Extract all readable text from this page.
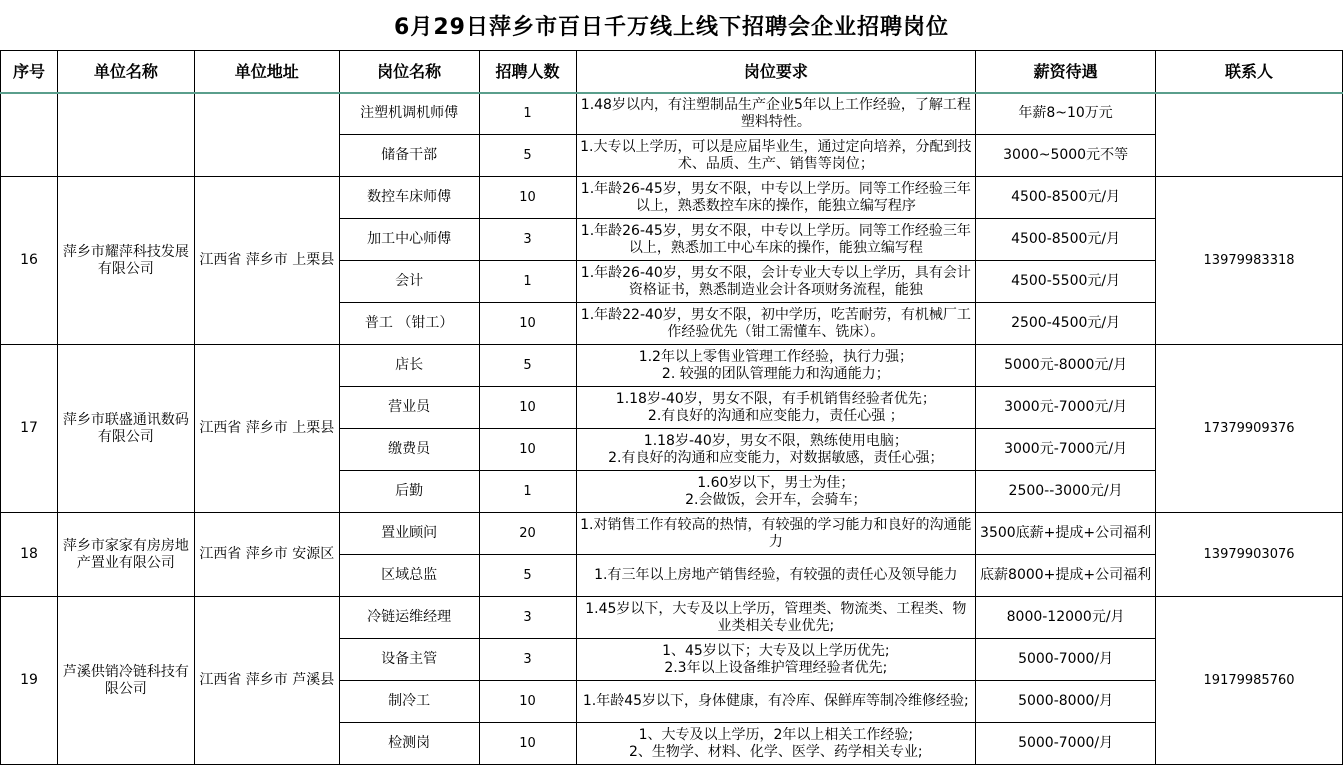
6月29日萍乡市百日千万线上线下招聘会企业招聘岗位
序号	单位名称	单位地址	岗位名称	招聘人数	岗位要求	薪资待遇	联系人
			注塑机调机师傅	1	1.48岁以内，有注塑制品生产企业5年以上工作经验，了解工程塑料特性。	年薪8~10万元	

			储备干部	5	1.大专以上学历，可以是应届毕业生，通过定向培养，分配到技术、品质、生产、销售等岗位；	3000~5000元不等	

16	萍乡市耀萍科技发展有限公司	江西省 萍乡市 上栗县	数控车床师傅	10	1.年龄26-45岁，男女不限，中专以上学历。同等工作经验三年以上，熟悉数控车床的操作，能独立编写程序	4500-8500元/月	13979983318
			加工中心师傅	3	1.年龄26-45岁，男女不限，中专以上学历。同等工作经验三年以上，熟悉加工中心车床的操作，能独立编写程	4500-8500元/月	

			会计	1	1.年龄26-40岁，男女不限，会计专业大专以上学历，具有会计资格证书，熟悉制造业会计各项财务流程，能独	4500-5500元/月	

			普工 （钳工）	10	1.年龄22-40岁，男女不限，初中学历，吃苦耐劳，有机械厂工作经验优先（钳工需懂车、铣床）。	2500-4500元/月	

17	萍乡市联盛通讯数码有限公司	江西省 萍乡市 上栗县	店长	5	1.2年以上零售业管理工作经验，执行力强；
2. 较强的团队管理能力和沟通能力；	5000元-8000元/月	17379909376
			营业员	10	1.18岁-40岁，男女不限，有手机销售经验者优先；
2.有良好的沟通和应变能力，责任心强 ；	3000元-7000元/月	

			缴费员	10	1.18岁-40岁，男女不限，熟练使用电脑；
2.有良好的沟通和应变能力，对数据敏感，责任心强；	3000元-7000元/月	

			后勤	1	1.60岁以下，男士为佳；
2.会做饭，会开车，会骑车；	2500--3000元/月	

18	萍乡市家家有房房地产置业有限公司	江西省 萍乡市 安源区	置业顾问	20	1.对销售工作有较高的热情，有较强的学习能力和良好的沟通能力	3500底薪+提成+公司福利	13979903076
			区域总监	5	1.有三年以上房地产销售经验，有较强的责任心及领导能力	底薪8000+提成+公司福利	

19	芦溪供销冷链科技有限公司	江西省 萍乡市 芦溪县	冷链运维经理	3	1.45岁以下，大专及以上学历，管理类、物流类、工程类、物业类相关专业优先;	8000-12000元/月	19179985760
			设备主管	3	1、45岁以下；大专及以上学历优先;
2.3年以上设备维护管理经验者优先;	5000-7000/月	

			制冷工	10	1.年龄45岁以下，身体健康，有冷库、保鲜库等制冷维修经验;	5000-8000/月	

			检测岗	10	1、大专及以上学历，2年以上相关工作经验;
2、生物学、材料、化学、医学、药学相关专业;	5000-7000/月	
